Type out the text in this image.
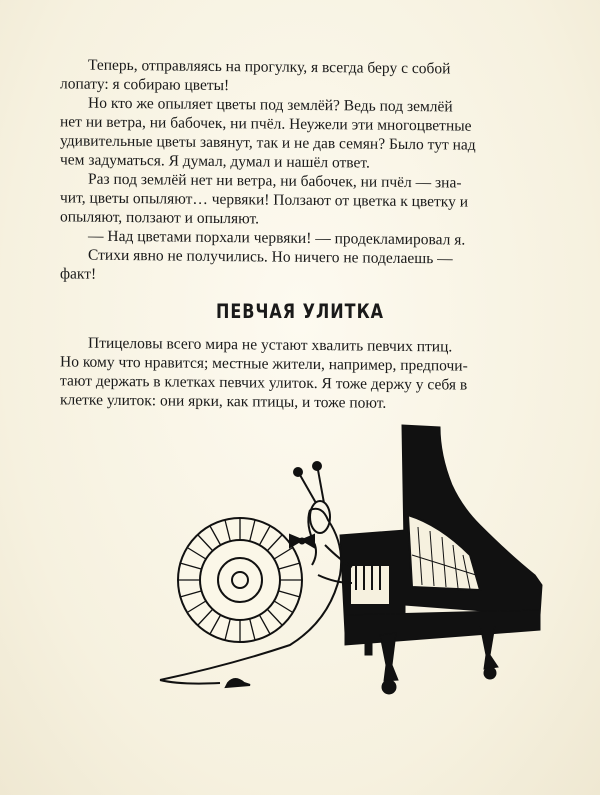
Теперь, отправляясь на прогулку, я всегда беру с собой

лопату: я собираю цветы!

Но кто же опыляет цветы под землёй? Ведь под землёй

нет ни ветра, ни бабочек, ни пчёл. Неужели эти многоцветные

удивительные цветы завянут, так и не дав семян? Было тут над

чем задуматься. Я думал, думал и нашёл ответ.

Раз под землёй нет ни ветра, ни бабочек, ни пчёл — зна-

чит, цветы опыляют… червяки! Ползают от цветка к цветку и

опыляют, ползают и опыляют.

— Над цветами порхали червяки! — продекламировал я.

Стихи явно не получились. Но ничего не поделаешь —

факт!

ПЕВЧАЯ УЛИТКА

Птицеловы всего мира не устают хвалить певчих птиц.

Но кому что нравится; местные жители, например, предпочи-

тают держать в клетках певчих улиток. Я тоже держу у себя в

клетке улиток: они ярки, как птицы, и тоже поют.
